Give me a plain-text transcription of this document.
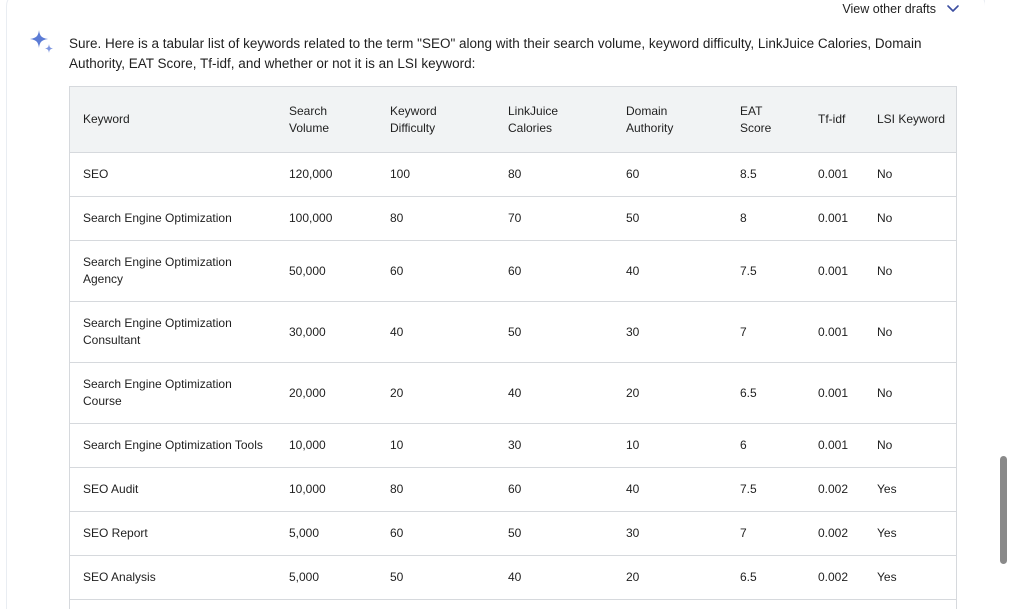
View other drafts
Sure. Here is a tabular list of keywords related to the term "SEO" along with their search volume, keyword difficulty, LinkJuice Calories, Domain Authority, EAT Score, Tf-idf, and whether or not it is an LSI keyword:
Keyword	Search Volume	Keyword Difficulty	LinkJuice Calories	Domain Authority	EAT Score	Tf-idf	LSI Keyword
SEO	120,000	100	80	60	8.5	0.001	No
Search Engine Optimization	100,000	80	70	50	8	0.001	No
Search Engine Optimization Agency	50,000	60	60	40	7.5	0.001	No
Search Engine Optimization Consultant	30,000	40	50	30	7	0.001	No
Search Engine Optimization Course	20,000	20	40	20	6.5	0.001	No
Search Engine Optimization Tools	10,000	10	30	10	6	0.001	No
SEO Audit	10,000	80	60	40	7.5	0.002	Yes
SEO Report	5,000	60	50	30	7	0.002	Yes
SEO Analysis	5,000	50	40	20	6.5	0.002	Yes
